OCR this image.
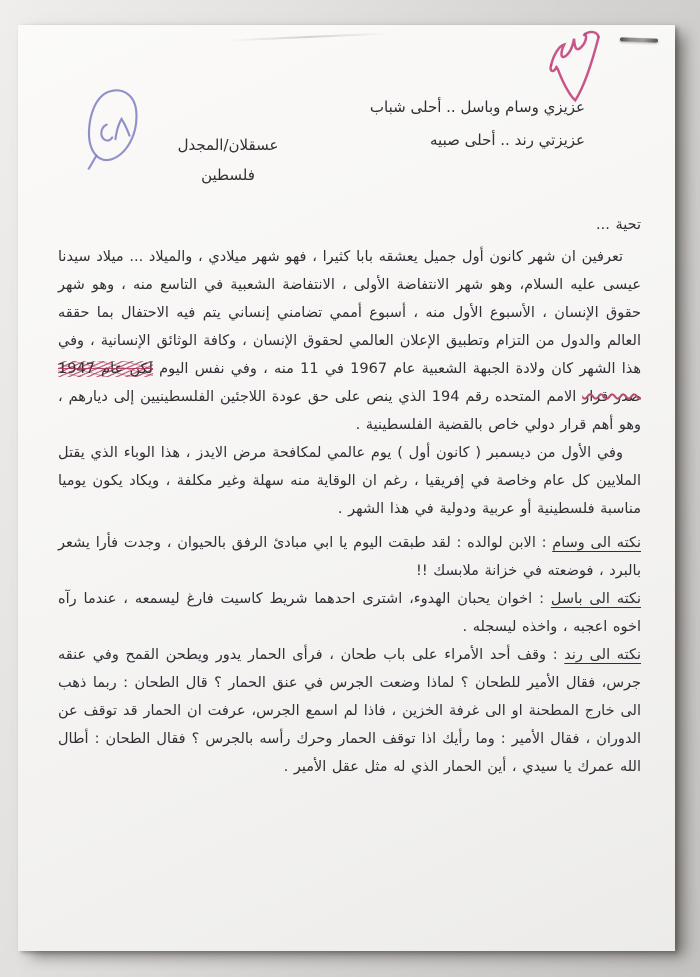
عزيزي وسام وباسل .. أحلى شباب
عزيزتي رند .. أحلى صبيه
عسقلان/المجدل
فلسطين

تحية ...

تعرفين ان شهر كانون أول جميل يعشقه بابا كثيرا ، فهو شهر ميلادي ، والميلاد ... ميلاد سيدنا عيسى عليه السلام، وهو شهر الانتفاضة الأولى ، الانتفاضة الشعبية في التاسع منه ، وهو شهر حقوق الإنسان ، الأسبوع الأول منه ، أسبوع أممي تضامني إنساني يتم فيه الاحتفال بما حققه العالم والدول من التزام وتطبيق الإعلان العالمي لحقوق الإنسان ، وكافة الوثائق الإنسانية ، وفي هذا الشهر كان ولادة الجبهة الشعبية عام 1967 في 11 منه ، وفي نفس اليوم لكن عام 1947 صدر قرار الامم المتحده رقم 194 الذي ينص على حق عودة اللاجئين الفلسطينيين إلى ديارهم ، وهو أهم قرار دولي خاص بالقضية الفلسطينية .

وفي الأول من ديسمبر ( كانون أول ) يوم عالمي لمكافحة مرض الايدز ، هذا الوباء الذي يقتل الملايين كل عام وخاصة في إفريقيا ، رغم ان الوقاية منه سهلة وغير مكلفة ، ويكاد يكون يوميا مناسبة فلسطينية أو عربية ودولية في هذا الشهر .

نكته الى وسام : الابن لوالده : لقد طبقت اليوم يا ابي مبادئ الرفق بالحيوان ، وجدت فأرا يشعر بالبرد ، فوضعته في خزانة ملابسك !!

نكته الى باسل : اخوان يحبان الهدوء، اشترى احدهما شريط كاسيت فارغ ليسمعه ، عندما رآه اخوه اعجبه ، واخذه ليسجله .

نكته الى رند : وقف أحد الأمراء على باب طحان ، فرأى الحمار يدور ويطحن القمح وفي عنقه جرس، فقال الأمير للطحان ؟ لماذا وضعت الجرس في عنق الحمار ؟ قال الطحان : ربما ذهب الى خارج المطحنة او الى غرفة الخزين ، فاذا لم اسمع الجرس، عرفت ان الحمار قد توقف عن الدوران ، فقال الأمير : وما رأيك اذا توقف الحمار وحرك رأسه بالجرس ؟ فقال الطحان : أطال الله عمرك يا سيدي ، أين الحمار الذي له مثل عقل الأمير .
